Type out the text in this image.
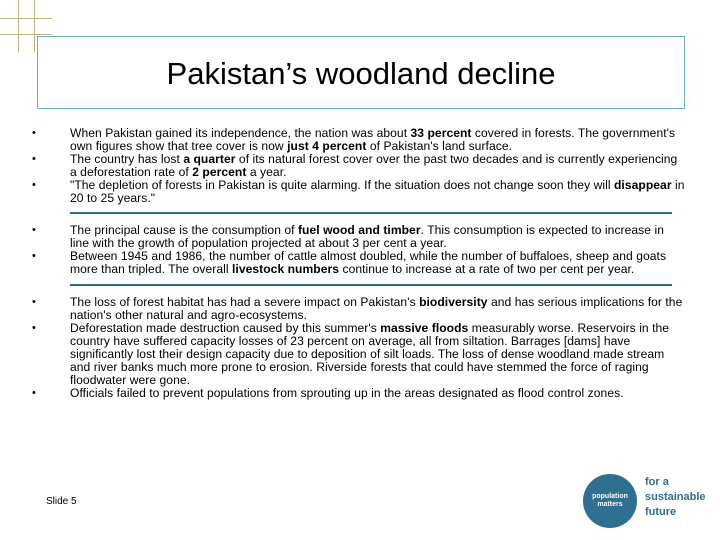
Pakistan’s woodland decline
•	When Pakistan gained its independence, the nation was about 33 percent covered in forests. The government's own figures show that tree cover is now just 4 percent of Pakistan's land surface.
•	The country has lost a quarter of its natural forest cover over the past two decades and is currently experiencing a deforestation rate of 2 percent a year.
•	"The depletion of forests in Pakistan is quite alarming. If the situation does not change soon they will disappear in 20 to 25 years."
•	The principal cause is the consumption of fuel wood and timber. This consumption is expected to increase in line with the growth of population projected at about 3 per cent a year.
•	Between 1945 and 1986, the number of cattle almost doubled, while the number of buffaloes, sheep and goats more than tripled. The overall livestock numbers continue to increase at a rate of two per cent per year.
•	The loss of forest habitat has had a severe impact on Pakistan's biodiversity and has serious implications for the nation's other natural and agro-ecosystems.
•	Deforestation made destruction caused by this summer's massive floods measurably worse. Reservoirs in the country have suffered capacity losses of 23 percent on average, all from siltation. Barrages [dams] have significantly lost their design capacity due to deposition of silt loads. The loss of dense woodland made stream and river banks much more prone to erosion. Riverside forests that could have stemmed the force of raging floodwater were gone.
•	Officials failed to prevent populations from sprouting up in the areas designated as flood control zones.
Slide 5	population
matters
for a
sustainable
future
